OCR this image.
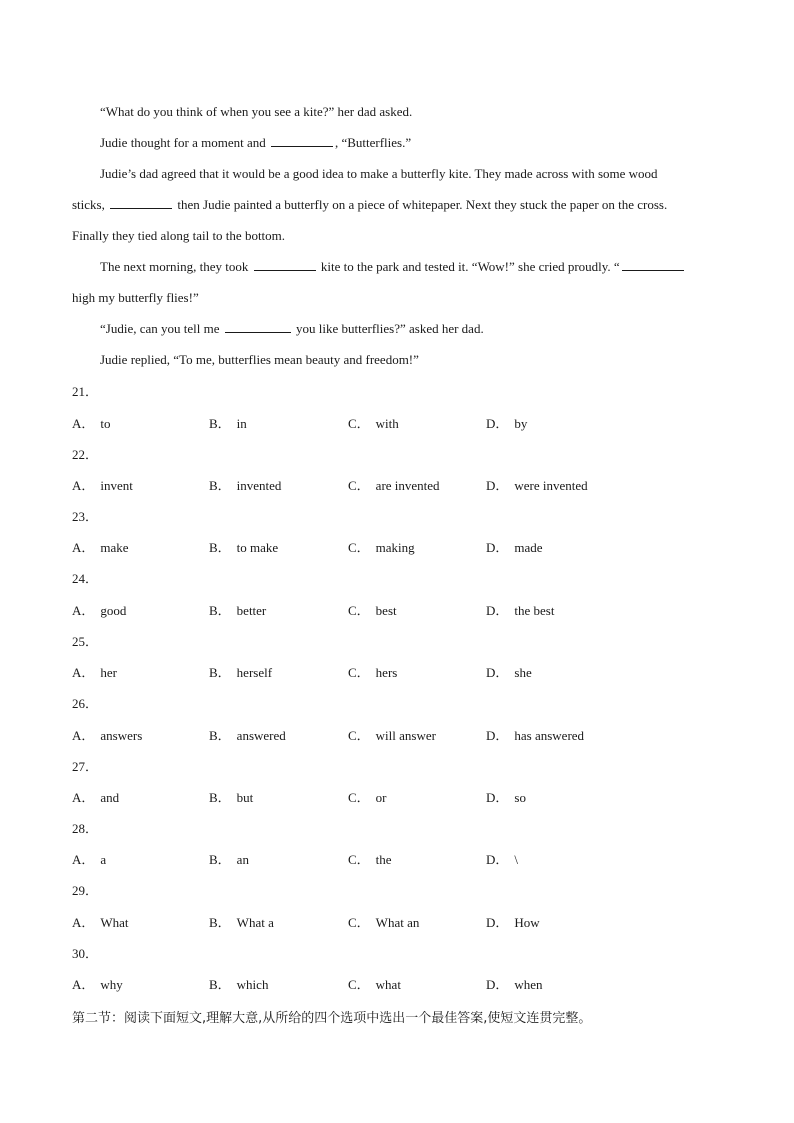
“What do you think of when you see a kite?” her dad asked.

Judie thought for a moment and	, “Butterflies.”

Judie’s dad agreed that it would be a good idea to make a butterfly kite. They made across with some wood

sticks,	then Judie painted a butterfly on a piece of whitepaper. Next they stuck the paper on the cross.

Finally they tied along tail to the bottom.

The next morning, they took	kite to the park and tested it. “Wow!” she cried proudly. “

high my butterfly flies!”

“Judie, can you tell me	you like butterflies?” asked her dad.

Judie replied, “To me, butterflies mean beauty and freedom!”

21．

A． to	B． in	C． with	D． by

22．

A． invent	B． invented	C． are invented	D． were invented

23．

A． make	B． to make	C． making	D． made

24．

A． good	B． better	C． best	D． the best

25．

A． her	B． herself	C． hers	D． she

26．

A． answers	B． answered	C． will answer	D． has answered

27．

A． and	B． but	C． or	D． so

28．

A． a	B． an	C． the	D． \

29．

A． What	B． What a	C． What an	D． How

30．

A． why	B． which	C． what	D． when

第二节：阅读下面短文,理解大意,从所给的四个选项中选出一个最佳答案,使短文连贯完整。
